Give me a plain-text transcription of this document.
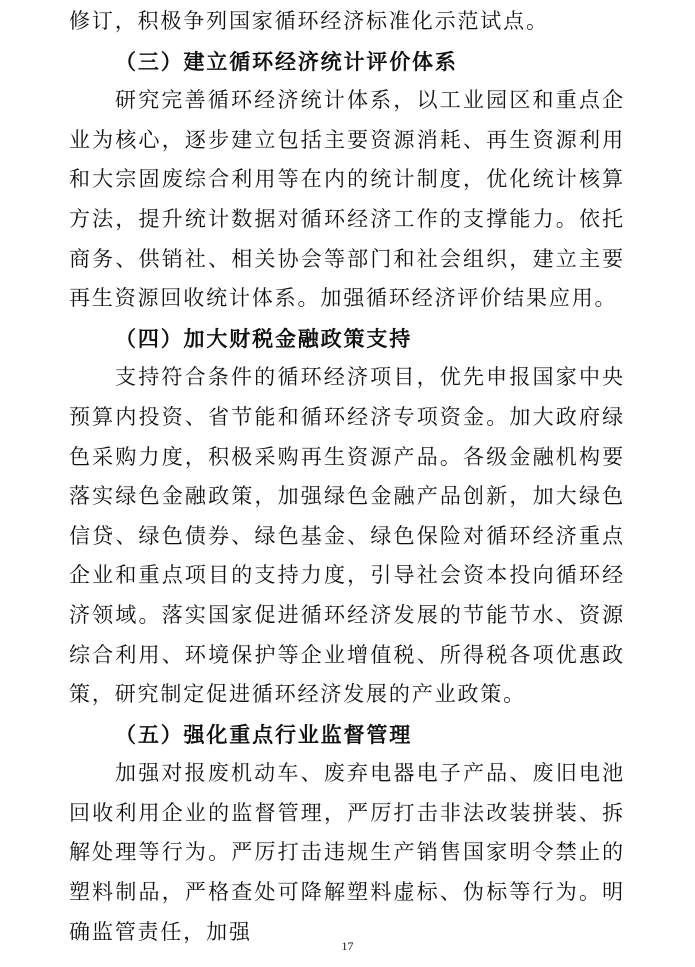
修订，积极争列国家循环经济标准化示范试点。

（三）建立循环经济统计评价体系

研究完善循环经济统计体系，以工业园区和重点企业为核心，逐步建立包括主要资源消耗、再生资源利用和大宗固废综合利用等在内的统计制度，优化统计核算方法，提升统计数据对循环经济工作的支撑能力。依托商务、供销社、相关协会等部门和社会组织，建立主要再生资源回收统计体系。加强循环经济评价结果应用。

（四）加大财税金融政策支持

支持符合条件的循环经济项目，优先申报国家中央预算内投资、省节能和循环经济专项资金。加大政府绿色采购力度，积极采购再生资源产品。各级金融机构要落实绿色金融政策，加强绿色金融产品创新，加大绿色信贷、绿色债券、绿色基金、绿色保险对循环经济重点企业和重点项目的支持力度，引导社会资本投向循环经济领域。落实国家促进循环经济发展的节能节水、资源综合利用、环境保护等企业增值税、所得税各项优惠政策，研究制定促进循环经济发展的产业政策。

（五）强化重点行业监督管理

加强对报废机动车、废弃电器电子产品、废旧电池回收利用企业的监督管理，严厉打击非法改装拼装、拆解处理等行为。严厉打击违规生产销售国家明令禁止的塑料制品，严格查处可降解塑料虚标、伪标等行为。明确监管责任，加强

17
